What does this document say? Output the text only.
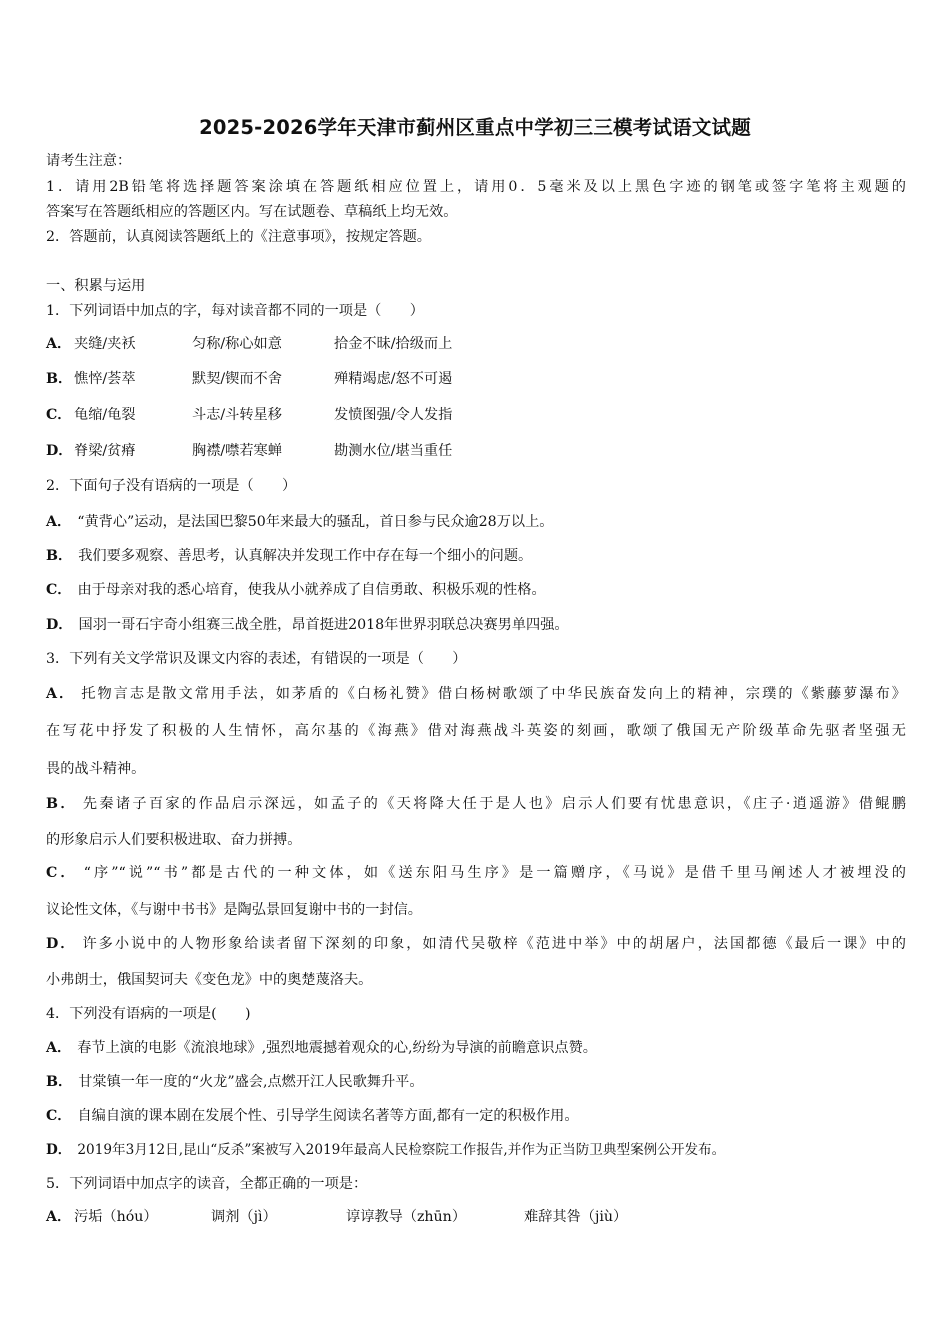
2025-2026学年天津市蓟州区重点中学初三三模考试语文试题
请考生注意：
1．请用2B铅笔将选择题答案涂填在答题纸相应位置上，请用0．5毫米及以上黑色字迹的钢笔或签字笔将主观题的
答案写在答题纸相应的答题区内。写在试题卷、草稿纸上均无效。
2．答题前，认真阅读答题纸上的《注意事项》，按规定答题。
一、积累与运用
1．下列词语中加点的字，每对读音都不同的一项是（　　）
A． 夹缝/夹袄	匀称/称心如意	拾金不昧/拾级而上
B． 憔悴/荟萃	默契/锲而不舍	殚精竭虑/怒不可遏
C． 龟缩/龟裂	斗志/斗转星移	发愤图强/令人发指
D． 脊梁/贫瘠	胸襟/噤若寒蝉	勘测水位/堪当重任
2．下面句子没有语病的一项是（　　）
A． “黄背心”运动，是法国巴黎50年来最大的骚乱，首日参与民众逾28万以上。
B． 我们要多观察、善思考，认真解决并发现工作中存在每一个细小的问题。
C． 由于母亲对我的悉心培育，使我从小就养成了自信勇敢、积极乐观的性格。
D． 国羽一哥石宇奇小组赛三战全胜，昂首挺进2018年世界羽联总决赛男单四强。
3．下列有关文学常识及课文内容的表述，有错误的一项是（　　）
A． 托物言志是散文常用手法，如茅盾的《白杨礼赞》借白杨树歌颂了中华民族奋发向上的精神，宗璞的《紫藤萝瀑布》
在写花中抒发了积极的人生情怀，高尔基的《海燕》借对海燕战斗英姿的刻画，歌颂了俄国无产阶级革命先驱者坚强无
畏的战斗精神。
B． 先秦诸子百家的作品启示深远，如孟子的《天将降大任于是人也》启示人们要有忧患意识，《庄子·逍遥游》借鲲鹏
的形象启示人们要积极进取、奋力拼搏。
C． “序”“说”“书”都是古代的一种文体，如《送东阳马生序》是一篇赠序，《马说》是借千里马阐述人才被埋没的
议论性文体，《与谢中书书》是陶弘景回复谢中书的一封信。
D． 许多小说中的人物形象给读者留下深刻的印象，如清代吴敬梓《范进中举》中的胡屠户，法国都德《最后一课》中的
小弗朗士，俄国契诃夫《变色龙》中的奥楚蔑洛夫。
4．下列没有语病的一项是(　　)
A． 春节上演的电影《流浪地球》,强烈地震撼着观众的心,纷纷为导演的前瞻意识点赞。
B． 甘棠镇一年一度的“火龙”盛会,点燃开江人民歌舞升平。
C． 自编自演的课本剧在发展个性、引导学生阅读名著等方面,都有一定的积极作用。
D． 2019年3月12日,昆山“反杀”案被写入2019年最高人民检察院工作报告,并作为正当防卫典型案例公开发布。
5．下列词语中加点字的读音，全都正确的一项是：
A． 污垢（hóu）	调剂（jì）	谆谆教导（zhūn）	难辞其咎（jiù）
